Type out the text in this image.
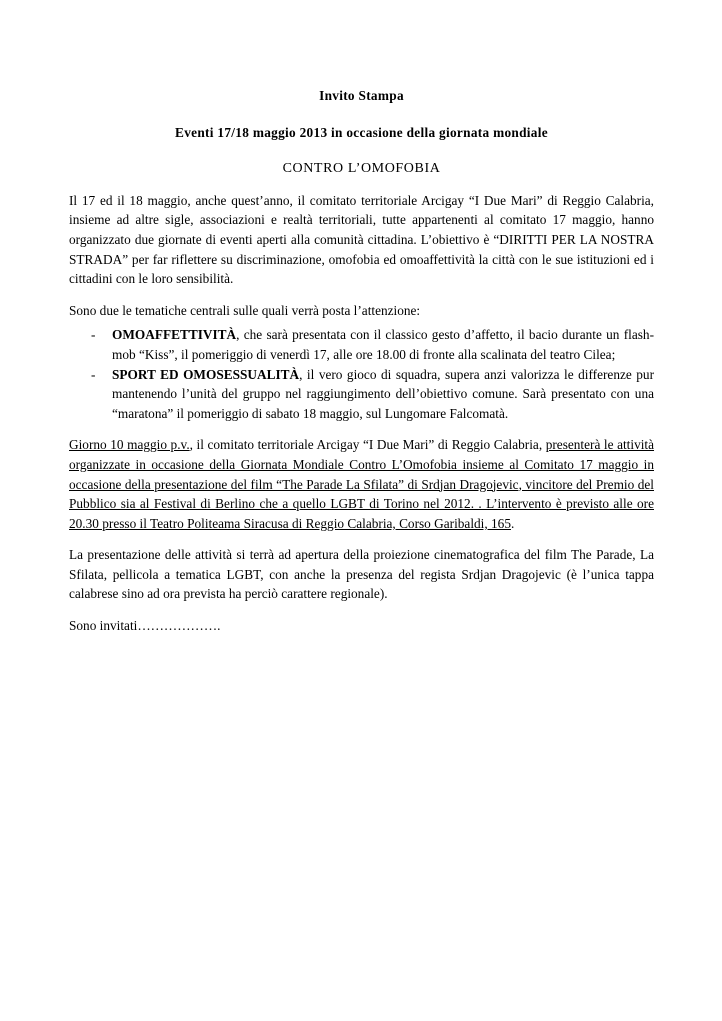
Invito Stampa
Eventi 17/18 maggio 2013 in occasione della giornata mondiale
CONTRO L’OMOFOBIA

Il 17 ed il 18 maggio, anche quest’anno, il comitato territoriale Arcigay “I Due Mari” di Reggio Calabria, insieme ad altre sigle, associazioni e realtà territoriali, tutte appartenenti al comitato 17 maggio, hanno organizzato due giornate di eventi aperti alla comunità cittadina. L’obiettivo è “DIRITTI PER LA NOSTRA STRADA” per far riflettere su discriminazione, omofobia ed omoaffettività la città con le sue istituzioni ed i cittadini con le loro sensibilità.

Sono due le tematiche centrali sulle quali verrà posta l’attenzione:

- OMOAFFETTIVITÀ, che sarà presentata con il classico gesto d’affetto, il bacio durante un flash-mob “Kiss”, il pomeriggio di venerdì 17, alle ore 18.00 di fronte alla scalinata del teatro Cilea;
- SPORT ED OMOSESSUALITÀ, il vero gioco di squadra, supera anzi valorizza le differenze pur mantenendo l’unità del gruppo nel raggiungimento dell’obiettivo comune. Sarà presentato con una “maratona” il pomeriggio di sabato 18 maggio, sul Lungomare Falcomatà.

Giorno 10 maggio p.v., il comitato territoriale Arcigay “I Due Mari” di Reggio Calabria, presenterà le attività organizzate in occasione della Giornata Mondiale Contro L’Omofobia insieme al Comitato 17 maggio in occasione della presentazione del film “The Parade La Sfilata” di Srdjan Dragojevic, vincitore del Premio del Pubblico sia al Festival di Berlino che a quello LGBT di Torino nel 2012. . L’intervento è previsto alle ore 20.30 presso il Teatro Politeama Siracusa di Reggio Calabria, Corso Garibaldi, 165.

La presentazione delle attività si terrà ad apertura della proiezione cinematografica del film The Parade, La Sfilata, pellicola a tematica LGBT, con anche la presenza del regista Srdjan Dragojevic (è l’unica tappa calabrese sino ad ora prevista ha perciò carattere regionale).

Sono invitati……………….
